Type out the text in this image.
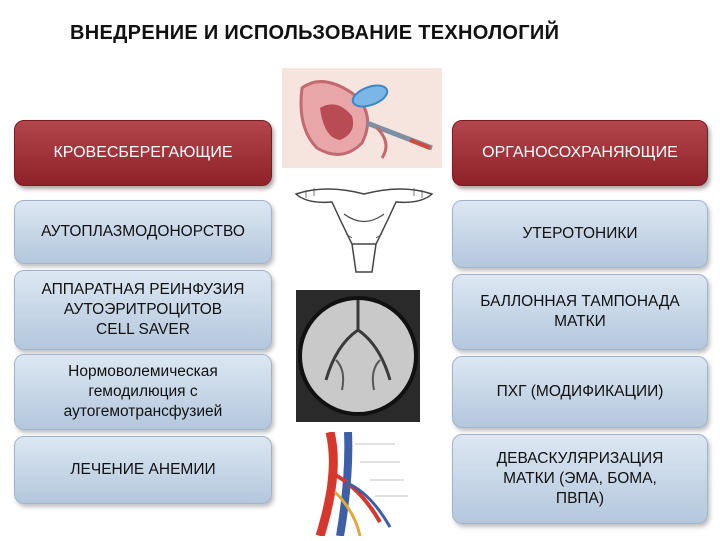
ВНЕДРЕНИЕ И ИСПОЛЬЗОВАНИЕ ТЕХНОЛОГИЙ
КРОВЕСБЕРЕГАЮЩИЕ
АУТОПЛАЗМОДОНОРСТВО
АППАРАТНАЯ РЕИНФУЗИЯ
АУТОЭРИТРОЦИТОВ
CELL SAVER
Нормоволемическая
гемодилюция с
аутогемотрансфузией
ЛЕЧЕНИЕ АНЕМИИ
ОРГАНОСОХРАНЯЮЩИЕ
УТЕРОТОНИКИ
БАЛЛОННАЯ ТАМПОНАДА
МАТКИ
ПХГ (МОДИФИКАЦИИ)
ДЕВАСКУЛЯРИЗАЦИЯ
МАТКИ (ЭМА, БОМА,
ПВПА)
